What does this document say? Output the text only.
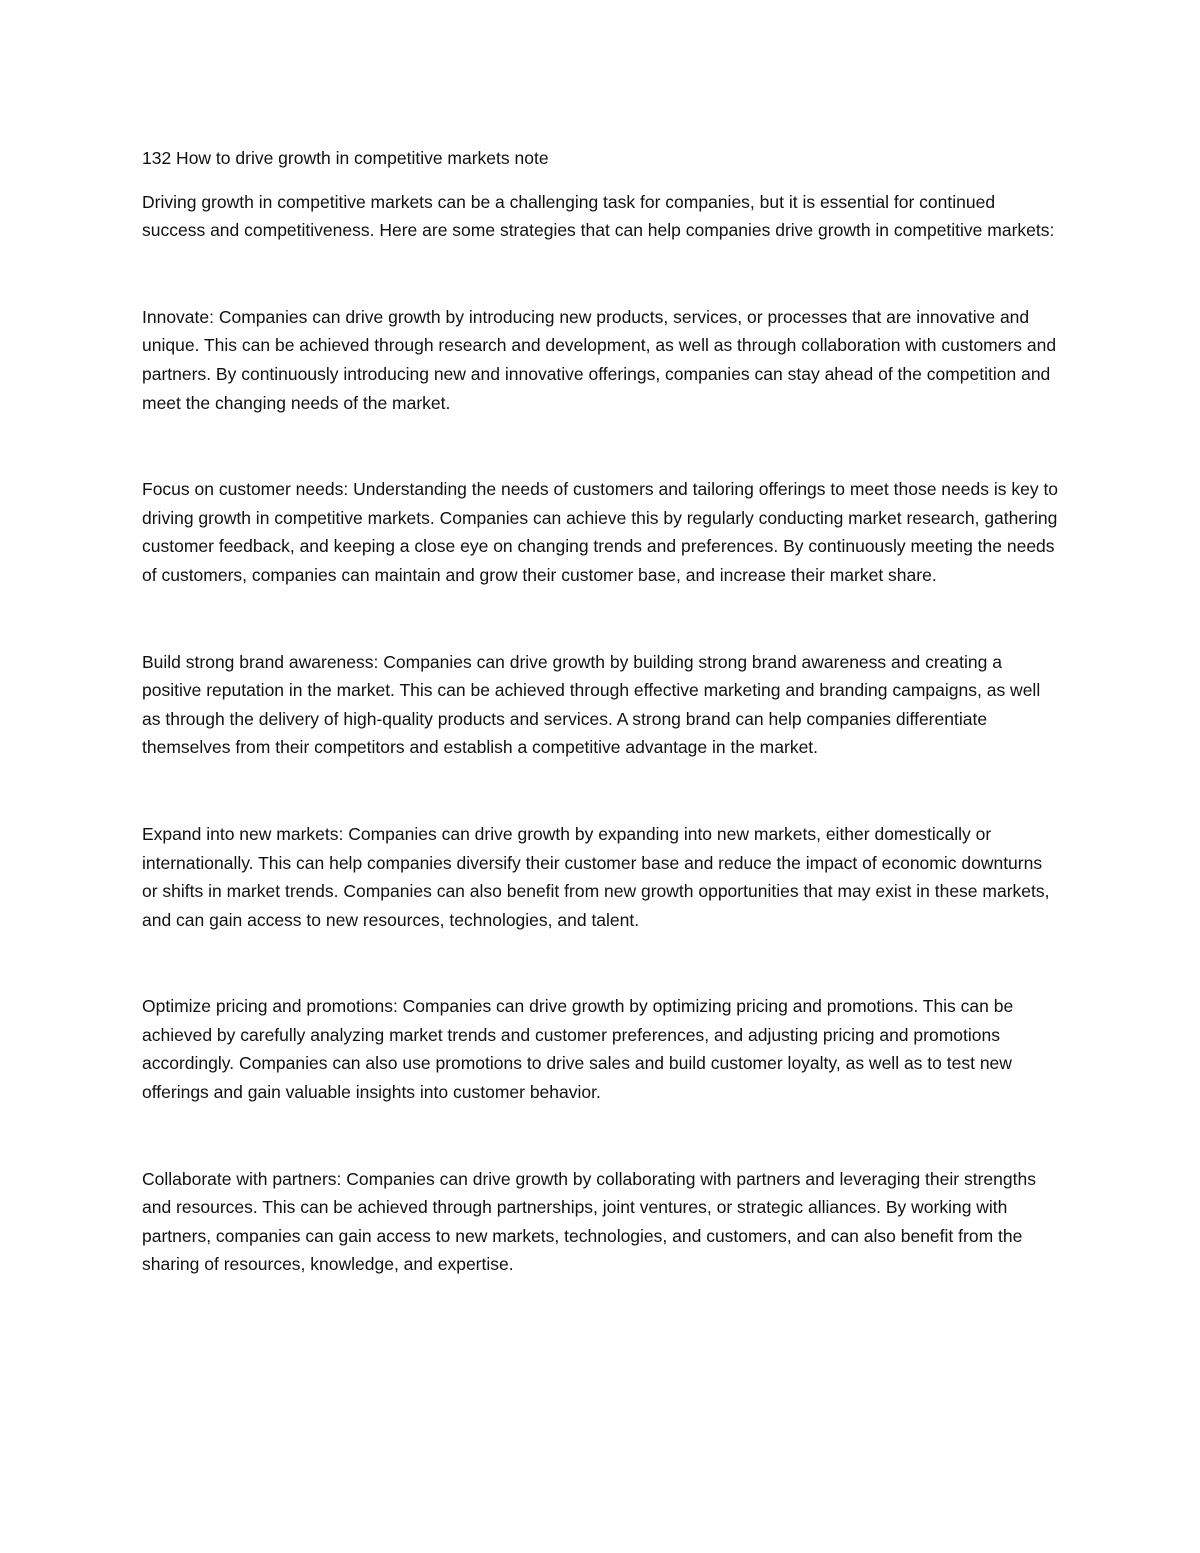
132 How to drive growth in competitive markets note

Driving growth in competitive markets can be a challenging task for companies, but it is essential for continued success and competitiveness. Here are some strategies that can help companies drive growth in competitive markets:

Innovate: Companies can drive growth by introducing new products, services, or processes that are innovative and unique. This can be achieved through research and development, as well as through collaboration with customers and partners. By continuously introducing new and innovative offerings, companies can stay ahead of the competition and meet the changing needs of the market.

Focus on customer needs: Understanding the needs of customers and tailoring offerings to meet those needs is key to driving growth in competitive markets. Companies can achieve this by regularly conducting market research, gathering customer feedback, and keeping a close eye on changing trends and preferences. By continuously meeting the needs of customers, companies can maintain and grow their customer base, and increase their market share.

Build strong brand awareness: Companies can drive growth by building strong brand awareness and creating a positive reputation in the market. This can be achieved through effective marketing and branding campaigns, as well as through the delivery of high-quality products and services. A strong brand can help companies differentiate themselves from their competitors and establish a competitive advantage in the market.

Expand into new markets: Companies can drive growth by expanding into new markets, either domestically or internationally. This can help companies diversify their customer base and reduce the impact of economic downturns or shifts in market trends. Companies can also benefit from new growth opportunities that may exist in these markets, and can gain access to new resources, technologies, and talent.

Optimize pricing and promotions: Companies can drive growth by optimizing pricing and promotions. This can be achieved by carefully analyzing market trends and customer preferences, and adjusting pricing and promotions accordingly. Companies can also use promotions to drive sales and build customer loyalty, as well as to test new offerings and gain valuable insights into customer behavior.

Collaborate with partners: Companies can drive growth by collaborating with partners and leveraging their strengths and resources. This can be achieved through partnerships, joint ventures, or strategic alliances. By working with partners, companies can gain access to new markets, technologies, and customers, and can also benefit from the sharing of resources, knowledge, and expertise.
